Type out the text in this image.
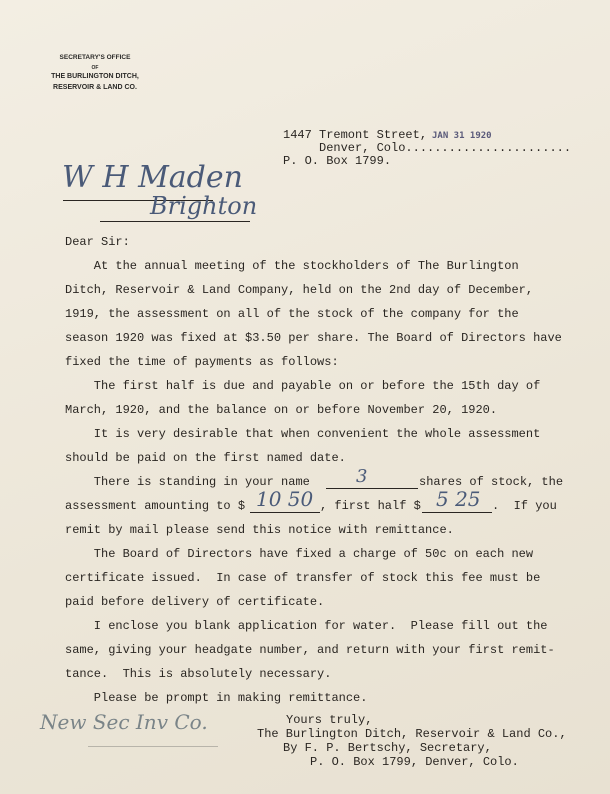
SECRETARY'S OFFICE
OF
THE BURLINGTON DITCH,
RESERVOIR & LAND CO.
1447 Tremont Street,
JAN 31 1920
Denver, Colo.......................
P. O. Box 1799.
W H Maden
Brighton
Dear Sir:
At the annual meeting of the stockholders of The Burlington
Ditch, Reservoir & Land Company, held on the 2nd day of December,
1919, the assessment on all of the stock of the company for the
season 1920 was fixed at $3.50 per share. The Board of Directors have
fixed the time of payments as follows:
The first half is due and payable on or before the 15th day of
March, 1920, and the balance on or before November 20, 1920.
It is very desirable that when convenient the whole assessment
should be paid on the first named date.
There is standing in your name 3	shares of stock, the
assessment amounting to $ 10 50 , first half $ 5 25 .  If you
remit by mail please send this notice with remittance.
The Board of Directors have fixed a charge of 50c on each new
certificate issued.  In case of transfer of stock this fee must be
paid before delivery of certificate.
I enclose you blank application for water.  Please fill out the
same, giving your headgate number, and return with your first remit-
tance.  This is absolutely necessary.
Please be prompt in making remittance.
New Sec Inv Co.	Yours truly,
The Burlington Ditch, Reservoir & Land Co.,
By F. P. Bertschy, Secretary,
P. O. Box 1799, Denver, Colo.
